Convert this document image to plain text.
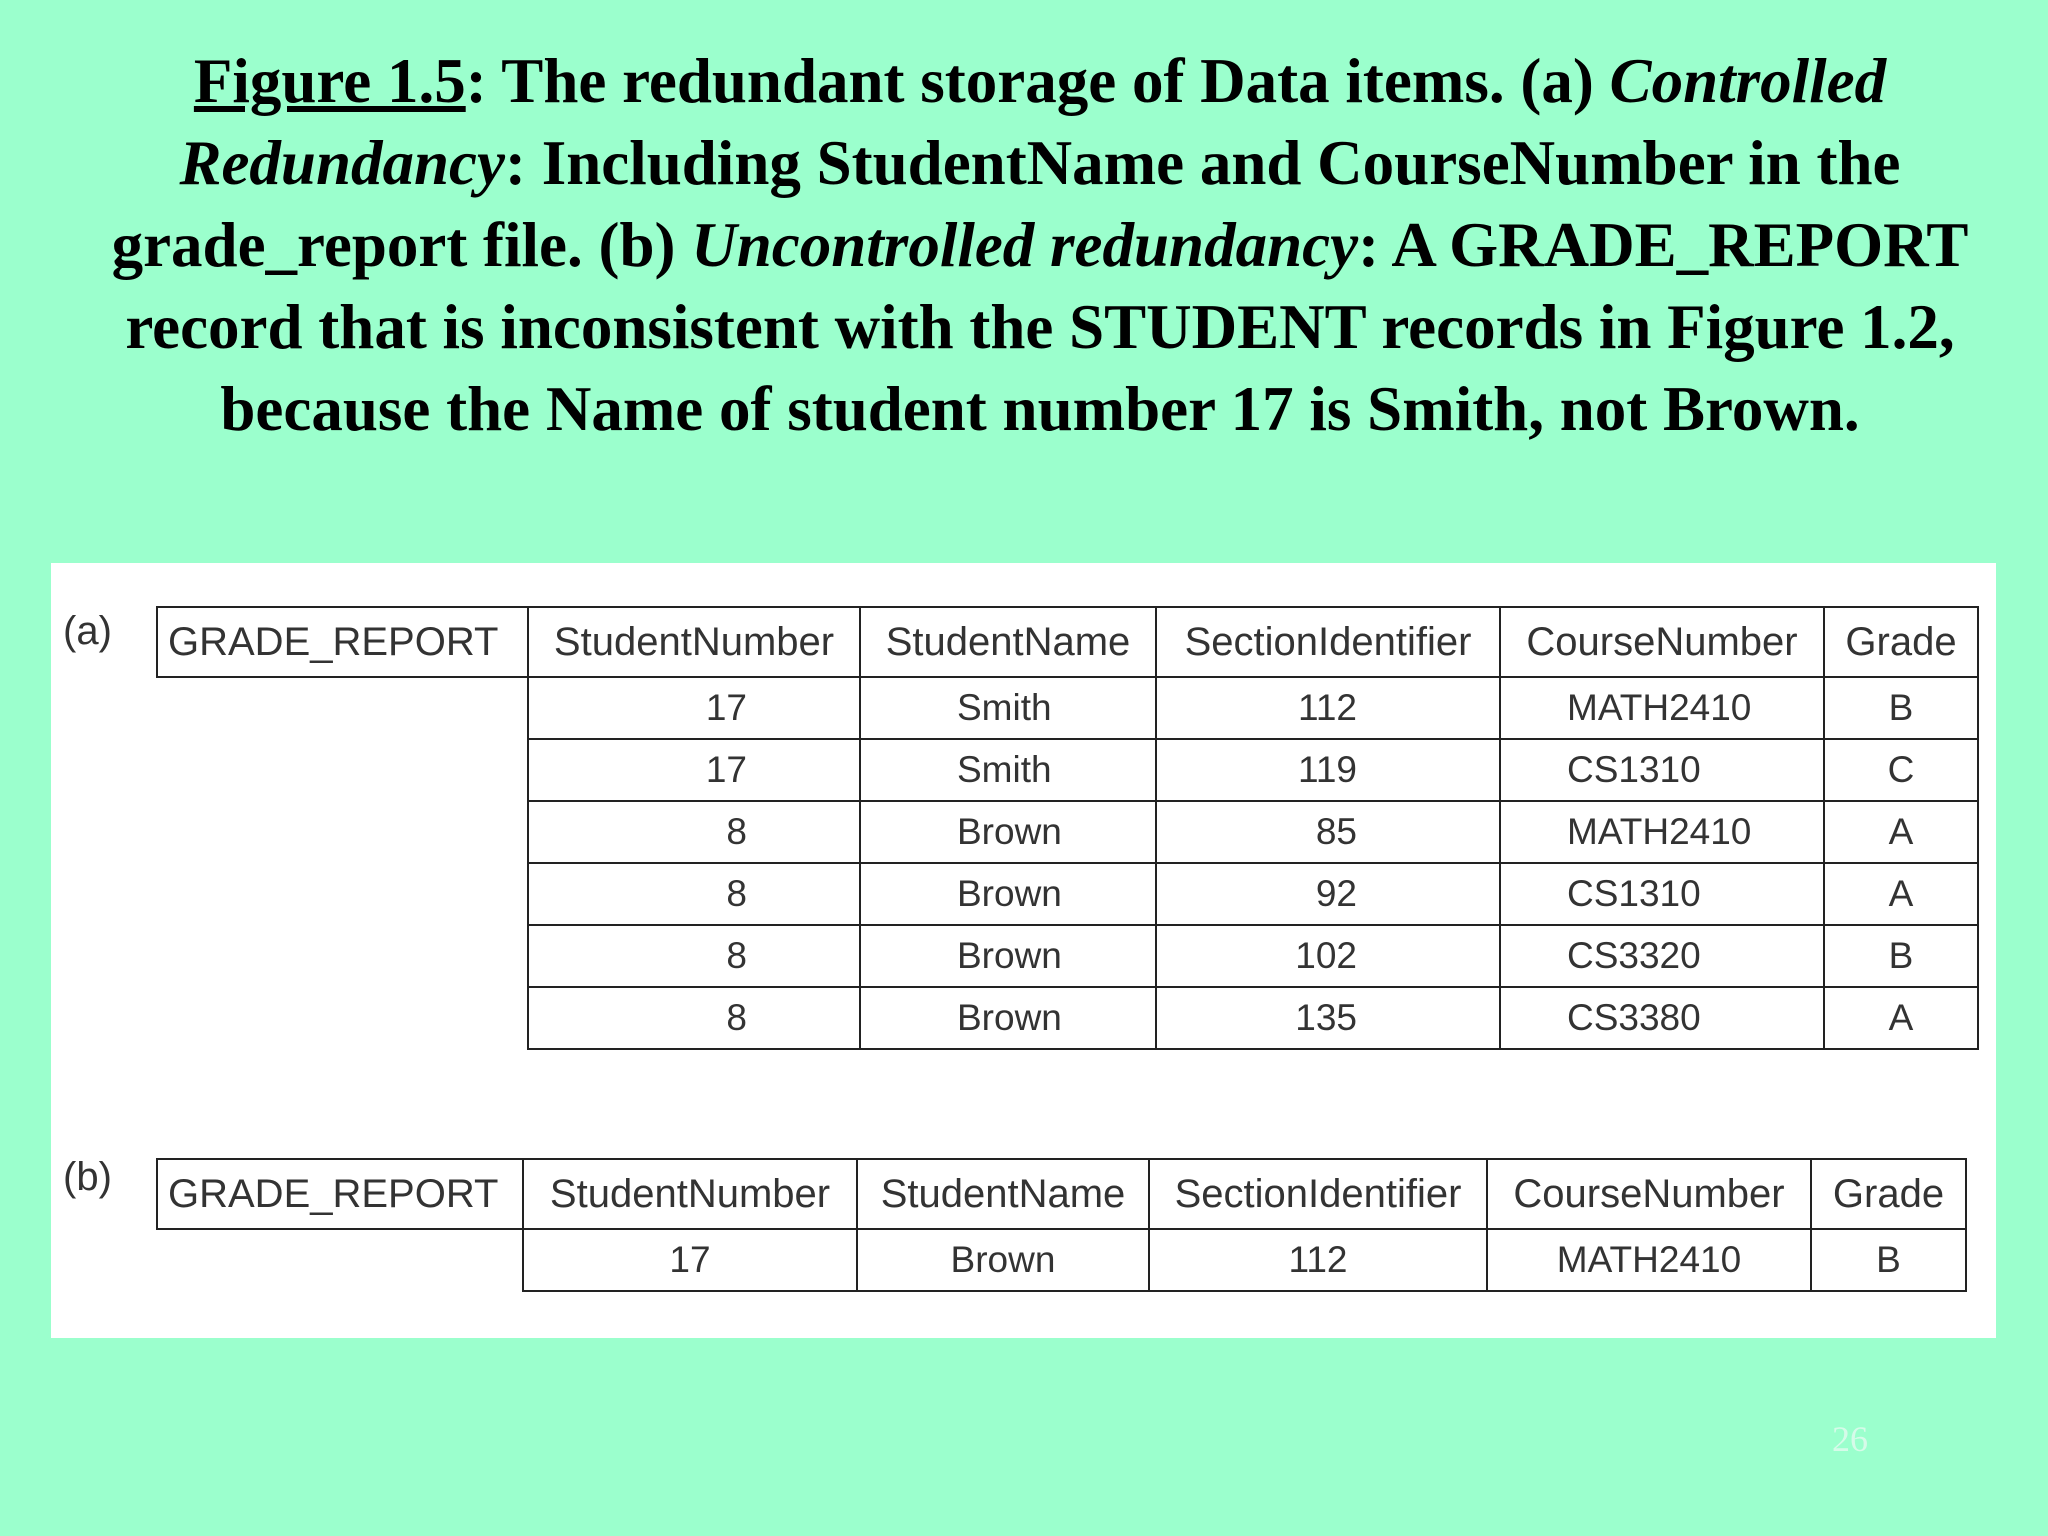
Figure 1.5: The redundant storage of Data items. (a) Controlled Redundancy: Including StudentName and CourseNumber in the grade_report file. (b) Uncontrolled redundancy: A GRADE_REPORT record that is inconsistent with the STUDENT records in Figure 1.2, because the Name of student number 17 is Smith, not Brown.
(a) GRADE_REPORT	StudentNumber	StudentName	SectionIdentifier	CourseNumber	Grade
	17	Smith	112	MATH2410	B
	17	Smith	119	CS1310	C
	8	Brown	85	MATH2410	A
	8	Brown	92	CS1310	A
	8	Brown	102	CS3320	B
	8	Brown	135	CS3380	A
(b) GRADE_REPORT	StudentNumber	StudentName	SectionIdentifier	CourseNumber	Grade
	17	Brown	112	MATH2410	B
26
